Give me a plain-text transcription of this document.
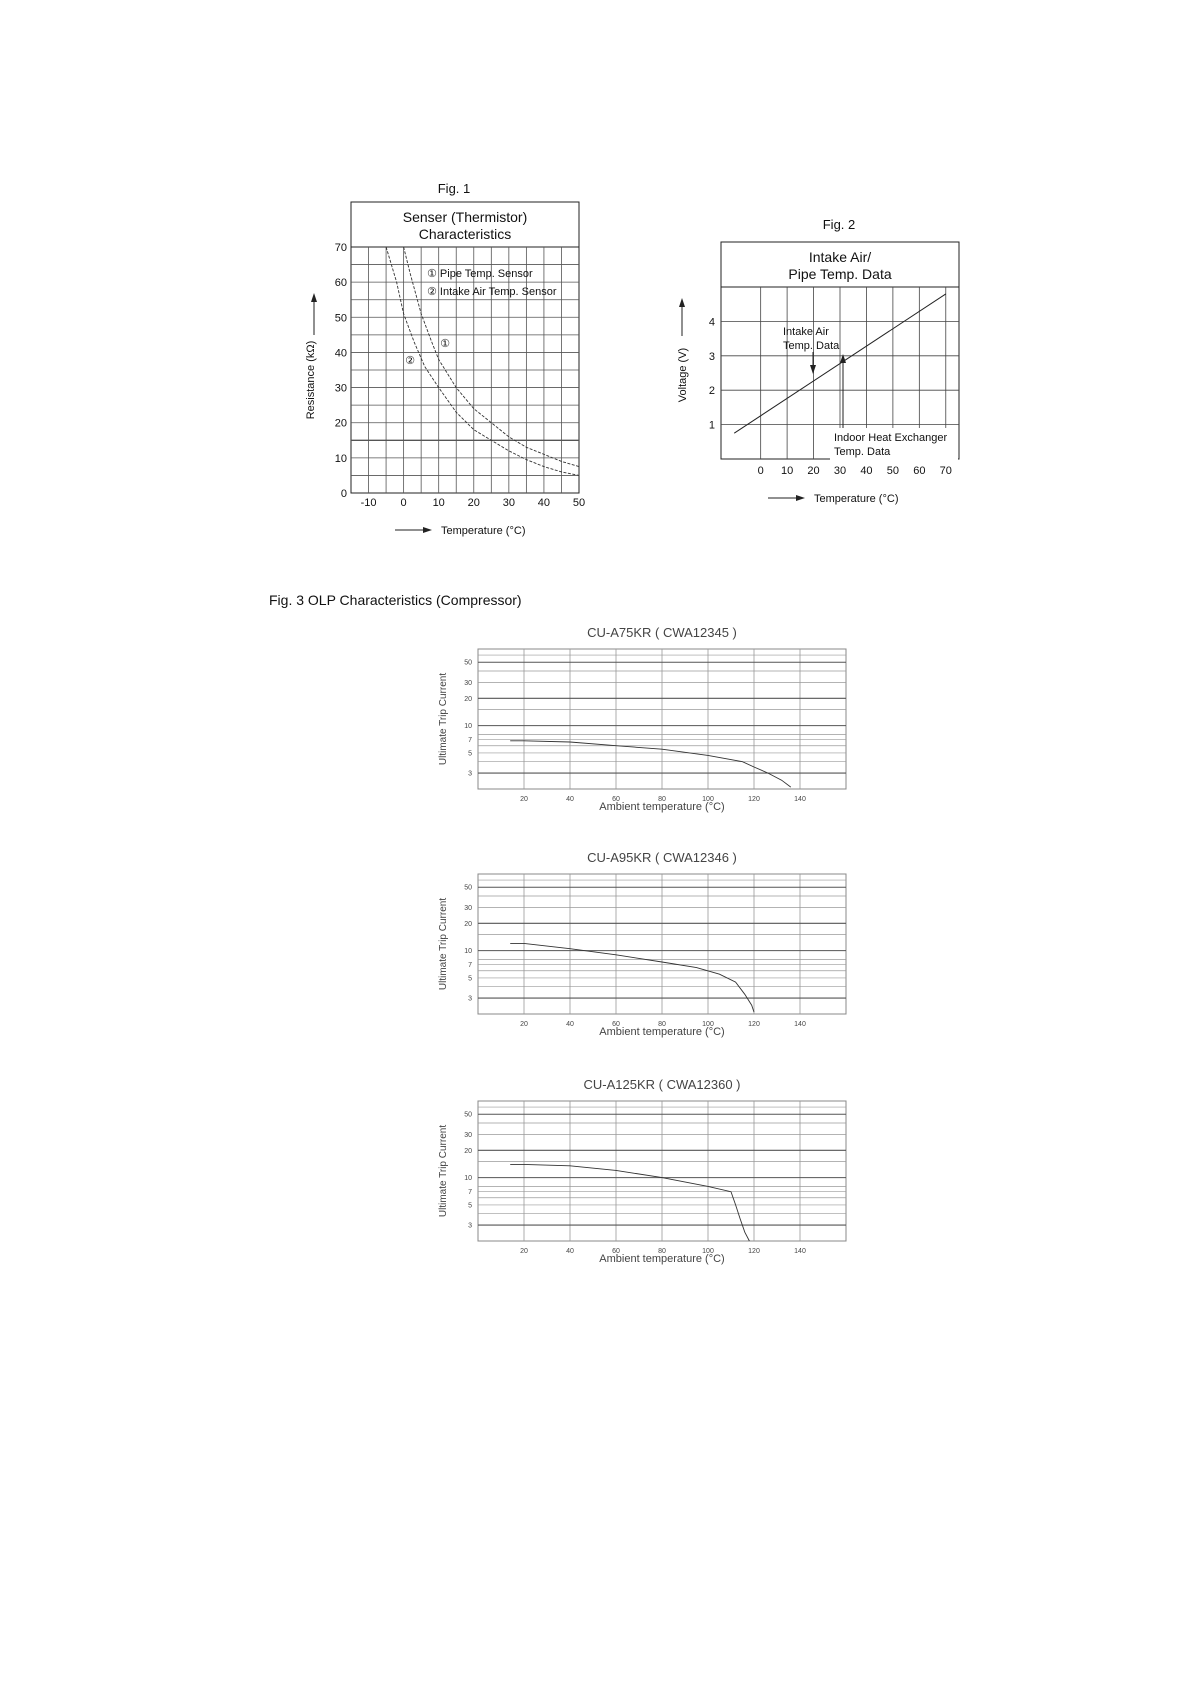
Fig. 1
Senser (Thermistor)
Characteristics
-10 0 10 20 30 40 50
0
10
20
30
40
50
60
70
① Pipe Temp. Sensor
② Intake Air Temp. Sensor
①
②
Resistance (kΩ)
Temperature (°C)
Fig. 2
Intake Air/
Pipe Temp. Data
0 10 20 30 40 50 60 70
1
2
3
4
Intake Air
Temp. Data
Indoor Heat Exchanger
Temp. Data
Voltage (V)
Temperature (°C)
Fig. 3 OLP Characteristics (Compressor)
CU-A75KR ( CWA12345 )
20	40	60	80	100	120	140
50
30
20
10
7
5
3
Ambient temperature (°C)
Ultimate Trip Current
CU-A95KR ( CWA12346 )
20	40	60	80	100	120	140
50
30
20
10
7
5
3
Ambient temperature (°C)
Ultimate Trip Current
CU-A125KR ( CWA12360 )
20	40	60	80	100	120	140
50
30
20
10
7
5
3
Ambient temperature (°C)
Ultimate Trip Current
